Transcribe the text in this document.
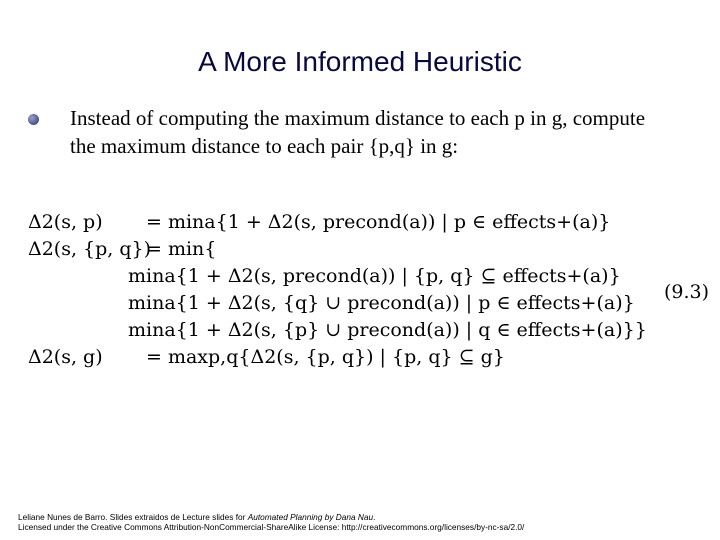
A More Informed Heuristic
Instead of computing the maximum distance to each p in g, compute the maximum distance to each pair {p,q} in g:
Δ2(s, p) = mina{1 + Δ2(s, precond(a)) | p ∈ effects+(a)}
Δ2(s, {p, q})
= min{
mina{1 + Δ2(s, precond(a)) | {p, q} ⊆ effects+(a)}
mina{1 + Δ2(s, {q} ∪ precond(a)) | p ∈ effects+(a)}
mina{1 + Δ2(s, {p} ∪ precond(a)) | q ∈ effects+(a)}}
Δ2(s, g) = maxp,q{Δ2(s, {p, q}) | {p, q} ⊆ g}
(9.3)
Leliane Nunes de Barro. Slides extraidos de Lecture slides for Automated Planning by Dana Nau.
Licensed under the Creative Commons Attribution-NonCommercial-ShareAlike License: http://creativecommons.org/licenses/by-nc-sa/2.0/
